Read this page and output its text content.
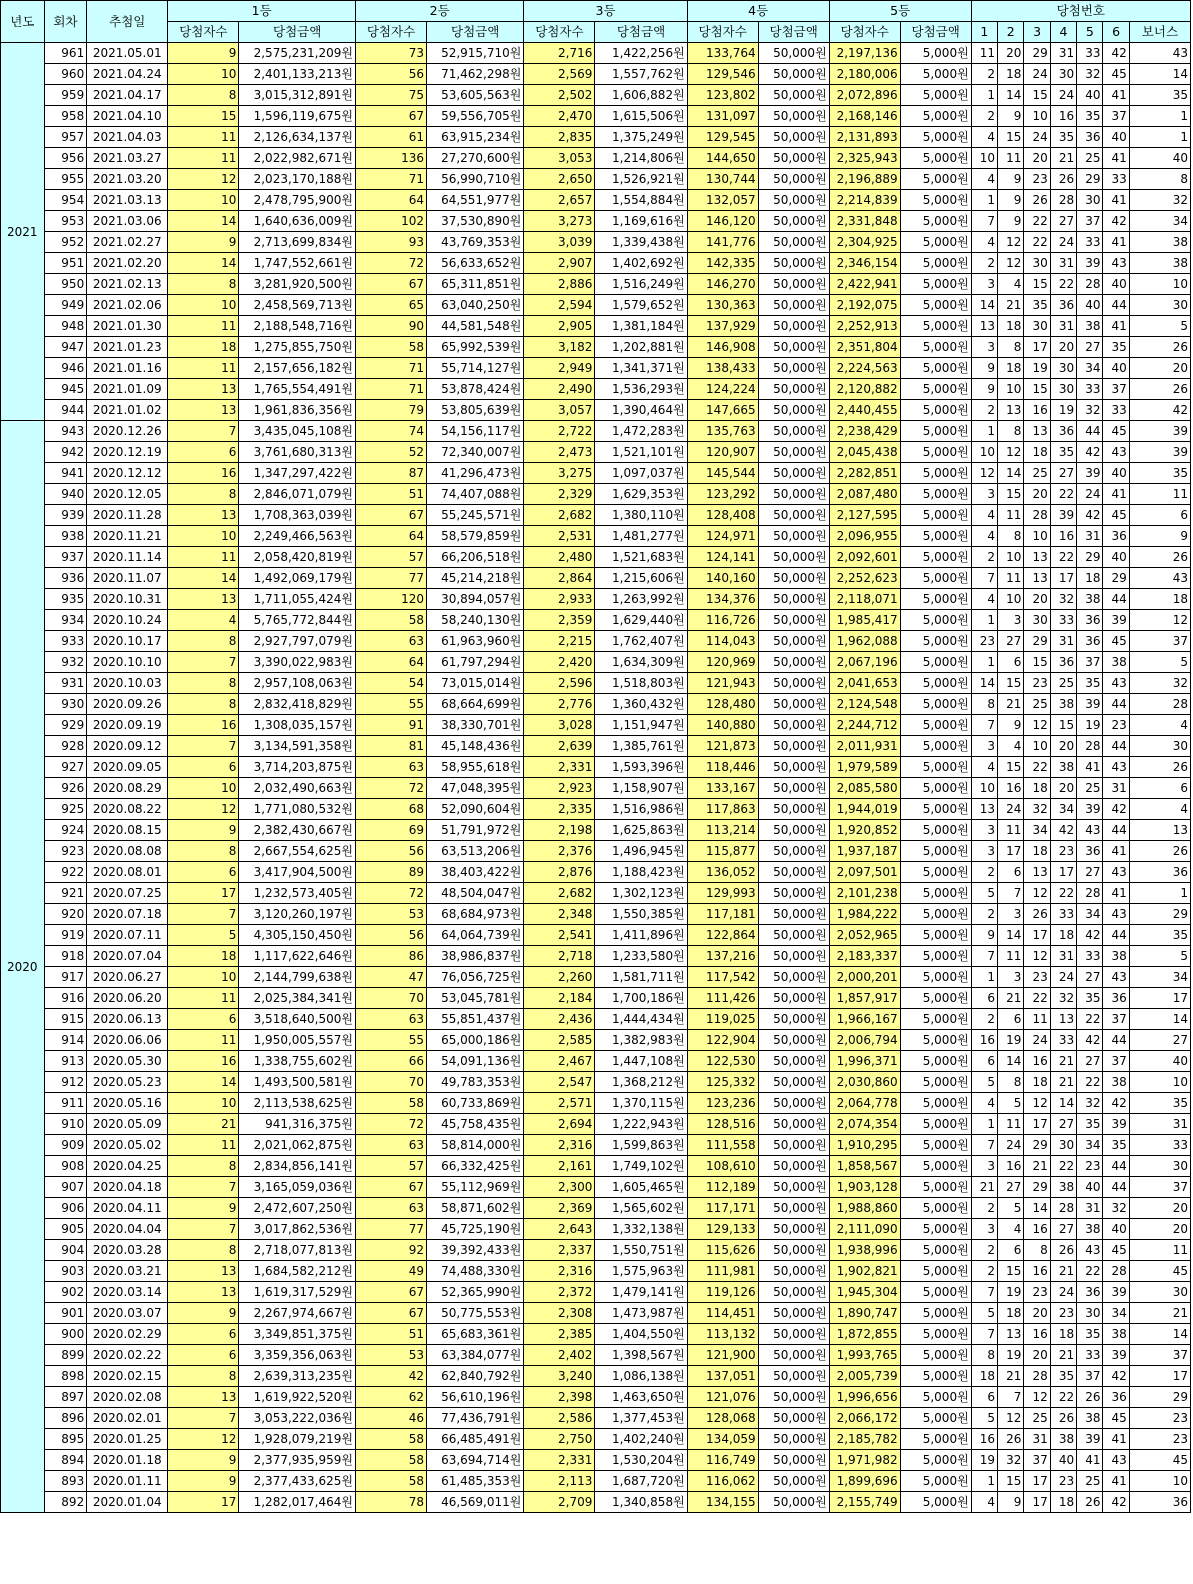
년도	회차	추첨일	1등		2등		3등		4등		5등		당첨번호						
			당첨자수	당첨금액	당첨자수	당첨금액	당첨자수	당첨금액	당첨자수	당첨금액	당첨자수	당첨금액	1	2	3	4	5	6	보너스
2021	961	2021.05.01	9	2,575,231,209원	73	52,915,710원	2,716	1,422,256원	133,764	50,000원	2,197,136	5,000원	11	20	29	31	33	42	43
	960	2021.04.24	10	2,401,133,213원	56	71,462,298원	2,569	1,557,762원	129,546	50,000원	2,180,006	5,000원	2	18	24	30	32	45	14
	959	2021.04.17	8	3,015,312,891원	75	53,605,563원	2,502	1,606,882원	123,802	50,000원	2,072,896	5,000원	1	14	15	24	40	41	35
	958	2021.04.10	15	1,596,119,675원	67	59,556,705원	2,470	1,615,506원	131,097	50,000원	2,168,146	5,000원	2	9	10	16	35	37	1
	957	2021.04.03	11	2,126,634,137원	61	63,915,234원	2,835	1,375,249원	129,545	50,000원	2,131,893	5,000원	4	15	24	35	36	40	1
	956	2021.03.27	11	2,022,982,671원	136	27,270,600원	3,053	1,214,806원	144,650	50,000원	2,325,943	5,000원	10	11	20	21	25	41	40
	955	2021.03.20	12	2,023,170,188원	71	56,990,710원	2,650	1,526,921원	130,744	50,000원	2,196,889	5,000원	4	9	23	26	29	33	8
	954	2021.03.13	10	2,478,795,900원	64	64,551,977원	2,657	1,554,884원	132,057	50,000원	2,214,839	5,000원	1	9	26	28	30	41	32
	953	2021.03.06	14	1,640,636,009원	102	37,530,890원	3,273	1,169,616원	146,120	50,000원	2,331,848	5,000원	7	9	22	27	37	42	34
	952	2021.02.27	9	2,713,699,834원	93	43,769,353원	3,039	1,339,438원	141,776	50,000원	2,304,925	5,000원	4	12	22	24	33	41	38
	951	2021.02.20	14	1,747,552,661원	72	56,633,652원	2,907	1,402,692원	142,335	50,000원	2,346,154	5,000원	2	12	30	31	39	43	38
	950	2021.02.13	8	3,281,920,500원	67	65,311,851원	2,886	1,516,249원	146,270	50,000원	2,422,941	5,000원	3	4	15	22	28	40	10
	949	2021.02.06	10	2,458,569,713원	65	63,040,250원	2,594	1,579,652원	130,363	50,000원	2,192,075	5,000원	14	21	35	36	40	44	30
	948	2021.01.30	11	2,188,548,716원	90	44,581,548원	2,905	1,381,184원	137,929	50,000원	2,252,913	5,000원	13	18	30	31	38	41	5
	947	2021.01.23	18	1,275,855,750원	58	65,992,539원	3,182	1,202,881원	146,908	50,000원	2,351,804	5,000원	3	8	17	20	27	35	26
	946	2021.01.16	11	2,157,656,182원	71	55,714,127원	2,949	1,341,371원	138,433	50,000원	2,224,563	5,000원	9	18	19	30	34	40	20
	945	2021.01.09	13	1,765,554,491원	71	53,878,424원	2,490	1,536,293원	124,224	50,000원	2,120,882	5,000원	9	10	15	30	33	37	26
	944	2021.01.02	13	1,961,836,356원	79	53,805,639원	3,057	1,390,464원	147,665	50,000원	2,440,455	5,000원	2	13	16	19	32	33	42
2020	943	2020.12.26	7	3,435,045,108원	74	54,156,117원	2,722	1,472,283원	135,763	50,000원	2,238,429	5,000원	1	8	13	36	44	45	39
	942	2020.12.19	6	3,761,680,313원	52	72,340,007원	2,473	1,521,101원	120,907	50,000원	2,045,438	5,000원	10	12	18	35	42	43	39
	941	2020.12.12	16	1,347,297,422원	87	41,296,473원	3,275	1,097,037원	145,544	50,000원	2,282,851	5,000원	12	14	25	27	39	40	35
	940	2020.12.05	8	2,846,071,079원	51	74,407,088원	2,329	1,629,353원	123,292	50,000원	2,087,480	5,000원	3	15	20	22	24	41	11
	939	2020.11.28	13	1,708,363,039원	67	55,245,571원	2,682	1,380,110원	128,408	50,000원	2,127,595	5,000원	4	11	28	39	42	45	6
	938	2020.11.21	10	2,249,466,563원	64	58,579,859원	2,531	1,481,277원	124,971	50,000원	2,096,955	5,000원	4	8	10	16	31	36	9
	937	2020.11.14	11	2,058,420,819원	57	66,206,518원	2,480	1,521,683원	124,141	50,000원	2,092,601	5,000원	2	10	13	22	29	40	26
	936	2020.11.07	14	1,492,069,179원	77	45,214,218원	2,864	1,215,606원	140,160	50,000원	2,252,623	5,000원	7	11	13	17	18	29	43
	935	2020.10.31	13	1,711,055,424원	120	30,894,057원	2,933	1,263,992원	134,376	50,000원	2,118,071	5,000원	4	10	20	32	38	44	18
	934	2020.10.24	4	5,765,772,844원	58	58,240,130원	2,359	1,629,440원	116,726	50,000원	1,985,417	5,000원	1	3	30	33	36	39	12
	933	2020.10.17	8	2,927,797,079원	63	61,963,960원	2,215	1,762,407원	114,043	50,000원	1,962,088	5,000원	23	27	29	31	36	45	37
	932	2020.10.10	7	3,390,022,983원	64	61,797,294원	2,420	1,634,309원	120,969	50,000원	2,067,196	5,000원	1	6	15	36	37	38	5
	931	2020.10.03	8	2,957,108,063원	54	73,015,014원	2,596	1,518,803원	121,943	50,000원	2,041,653	5,000원	14	15	23	25	35	43	32
	930	2020.09.26	8	2,832,418,829원	55	68,664,699원	2,776	1,360,432원	128,480	50,000원	2,124,548	5,000원	8	21	25	38	39	44	28
	929	2020.09.19	16	1,308,035,157원	91	38,330,701원	3,028	1,151,947원	140,880	50,000원	2,244,712	5,000원	7	9	12	15	19	23	4
	928	2020.09.12	7	3,134,591,358원	81	45,148,436원	2,639	1,385,761원	121,873	50,000원	2,011,931	5,000원	3	4	10	20	28	44	30
	927	2020.09.05	6	3,714,203,875원	63	58,955,618원	2,331	1,593,396원	118,446	50,000원	1,979,589	5,000원	4	15	22	38	41	43	26
	926	2020.08.29	10	2,032,490,663원	72	47,048,395원	2,923	1,158,907원	133,167	50,000원	2,085,580	5,000원	10	16	18	20	25	31	6
	925	2020.08.22	12	1,771,080,532원	68	52,090,604원	2,335	1,516,986원	117,863	50,000원	1,944,019	5,000원	13	24	32	34	39	42	4
	924	2020.08.15	9	2,382,430,667원	69	51,791,972원	2,198	1,625,863원	113,214	50,000원	1,920,852	5,000원	3	11	34	42	43	44	13
	923	2020.08.08	8	2,667,554,625원	56	63,513,206원	2,376	1,496,945원	115,877	50,000원	1,937,187	5,000원	3	17	18	23	36	41	26
	922	2020.08.01	6	3,417,904,500원	89	38,403,422원	2,876	1,188,423원	136,052	50,000원	2,097,501	5,000원	2	6	13	17	27	43	36
	921	2020.07.25	17	1,232,573,405원	72	48,504,047원	2,682	1,302,123원	129,993	50,000원	2,101,238	5,000원	5	7	12	22	28	41	1
	920	2020.07.18	7	3,120,260,197원	53	68,684,973원	2,348	1,550,385원	117,181	50,000원	1,984,222	5,000원	2	3	26	33	34	43	29
	919	2020.07.11	5	4,305,150,450원	56	64,064,739원	2,541	1,411,896원	122,864	50,000원	2,052,965	5,000원	9	14	17	18	42	44	35
	918	2020.07.04	18	1,117,622,646원	86	38,986,837원	2,718	1,233,580원	137,216	50,000원	2,183,337	5,000원	7	11	12	31	33	38	5
	917	2020.06.27	10	2,144,799,638원	47	76,056,725원	2,260	1,581,711원	117,542	50,000원	2,000,201	5,000원	1	3	23	24	27	43	34
	916	2020.06.20	11	2,025,384,341원	70	53,045,781원	2,184	1,700,186원	111,426	50,000원	1,857,917	5,000원	6	21	22	32	35	36	17
	915	2020.06.13	6	3,518,640,500원	63	55,851,437원	2,436	1,444,434원	119,025	50,000원	1,966,167	5,000원	2	6	11	13	22	37	14
	914	2020.06.06	11	1,950,005,557원	55	65,000,186원	2,585	1,382,983원	122,904	50,000원	2,006,794	5,000원	16	19	24	33	42	44	27
	913	2020.05.30	16	1,338,755,602원	66	54,091,136원	2,467	1,447,108원	122,530	50,000원	1,996,371	5,000원	6	14	16	21	27	37	40
	912	2020.05.23	14	1,493,500,581원	70	49,783,353원	2,547	1,368,212원	125,332	50,000원	2,030,860	5,000원	5	8	18	21	22	38	10
	911	2020.05.16	10	2,113,538,625원	58	60,733,869원	2,571	1,370,115원	123,236	50,000원	2,064,778	5,000원	4	5	12	14	32	42	35
	910	2020.05.09	21	941,316,375원	72	45,758,435원	2,694	1,222,943원	128,516	50,000원	2,074,354	5,000원	1	11	17	27	35	39	31
	909	2020.05.02	11	2,021,062,875원	63	58,814,000원	2,316	1,599,863원	111,558	50,000원	1,910,295	5,000원	7	24	29	30	34	35	33
	908	2020.04.25	8	2,834,856,141원	57	66,332,425원	2,161	1,749,102원	108,610	50,000원	1,858,567	5,000원	3	16	21	22	23	44	30
	907	2020.04.18	7	3,165,059,036원	67	55,112,969원	2,300	1,605,465원	112,189	50,000원	1,903,128	5,000원	21	27	29	38	40	44	37
	906	2020.04.11	9	2,472,607,250원	63	58,871,602원	2,369	1,565,602원	117,171	50,000원	1,988,860	5,000원	2	5	14	28	31	32	20
	905	2020.04.04	7	3,017,862,536원	77	45,725,190원	2,643	1,332,138원	129,133	50,000원	2,111,090	5,000원	3	4	16	27	38	40	20
	904	2020.03.28	8	2,718,077,813원	92	39,392,433원	2,337	1,550,751원	115,626	50,000원	1,938,996	5,000원	2	6	8	26	43	45	11
	903	2020.03.21	13	1,684,582,212원	49	74,488,330원	2,316	1,575,963원	111,981	50,000원	1,902,821	5,000원	2	15	16	21	22	28	45
	902	2020.03.14	13	1,619,317,529원	67	52,365,990원	2,372	1,479,141원	119,126	50,000원	1,945,304	5,000원	7	19	23	24	36	39	30
	901	2020.03.07	9	2,267,974,667원	67	50,775,553원	2,308	1,473,987원	114,451	50,000원	1,890,747	5,000원	5	18	20	23	30	34	21
	900	2020.02.29	6	3,349,851,375원	51	65,683,361원	2,385	1,404,550원	113,132	50,000원	1,872,855	5,000원	7	13	16	18	35	38	14
	899	2020.02.22	6	3,359,356,063원	53	63,384,077원	2,402	1,398,567원	121,900	50,000원	1,993,765	5,000원	8	19	20	21	33	39	37
	898	2020.02.15	8	2,639,313,235원	42	62,840,792원	3,240	1,086,138원	137,051	50,000원	2,005,739	5,000원	18	21	28	35	37	42	17
	897	2020.02.08	13	1,619,922,520원	62	56,610,196원	2,398	1,463,650원	121,076	50,000원	1,996,656	5,000원	6	7	12	22	26	36	29
	896	2020.02.01	7	3,053,222,036원	46	77,436,791원	2,586	1,377,453원	128,068	50,000원	2,066,172	5,000원	5	12	25	26	38	45	23
	895	2020.01.25	12	1,928,079,219원	58	66,485,491원	2,750	1,402,240원	134,059	50,000원	2,185,782	5,000원	16	26	31	38	39	41	23
	894	2020.01.18	9	2,377,935,959원	58	63,694,714원	2,331	1,530,204원	116,749	50,000원	1,971,982	5,000원	19	32	37	40	41	43	45
	893	2020.01.11	9	2,377,433,625원	58	61,485,353원	2,113	1,687,720원	116,062	50,000원	1,899,696	5,000원	1	15	17	23	25	41	10
	892	2020.01.04	17	1,282,017,464원	78	46,569,011원	2,709	1,340,858원	134,155	50,000원	2,155,749	5,000원	4	9	17	18	26	42	36
